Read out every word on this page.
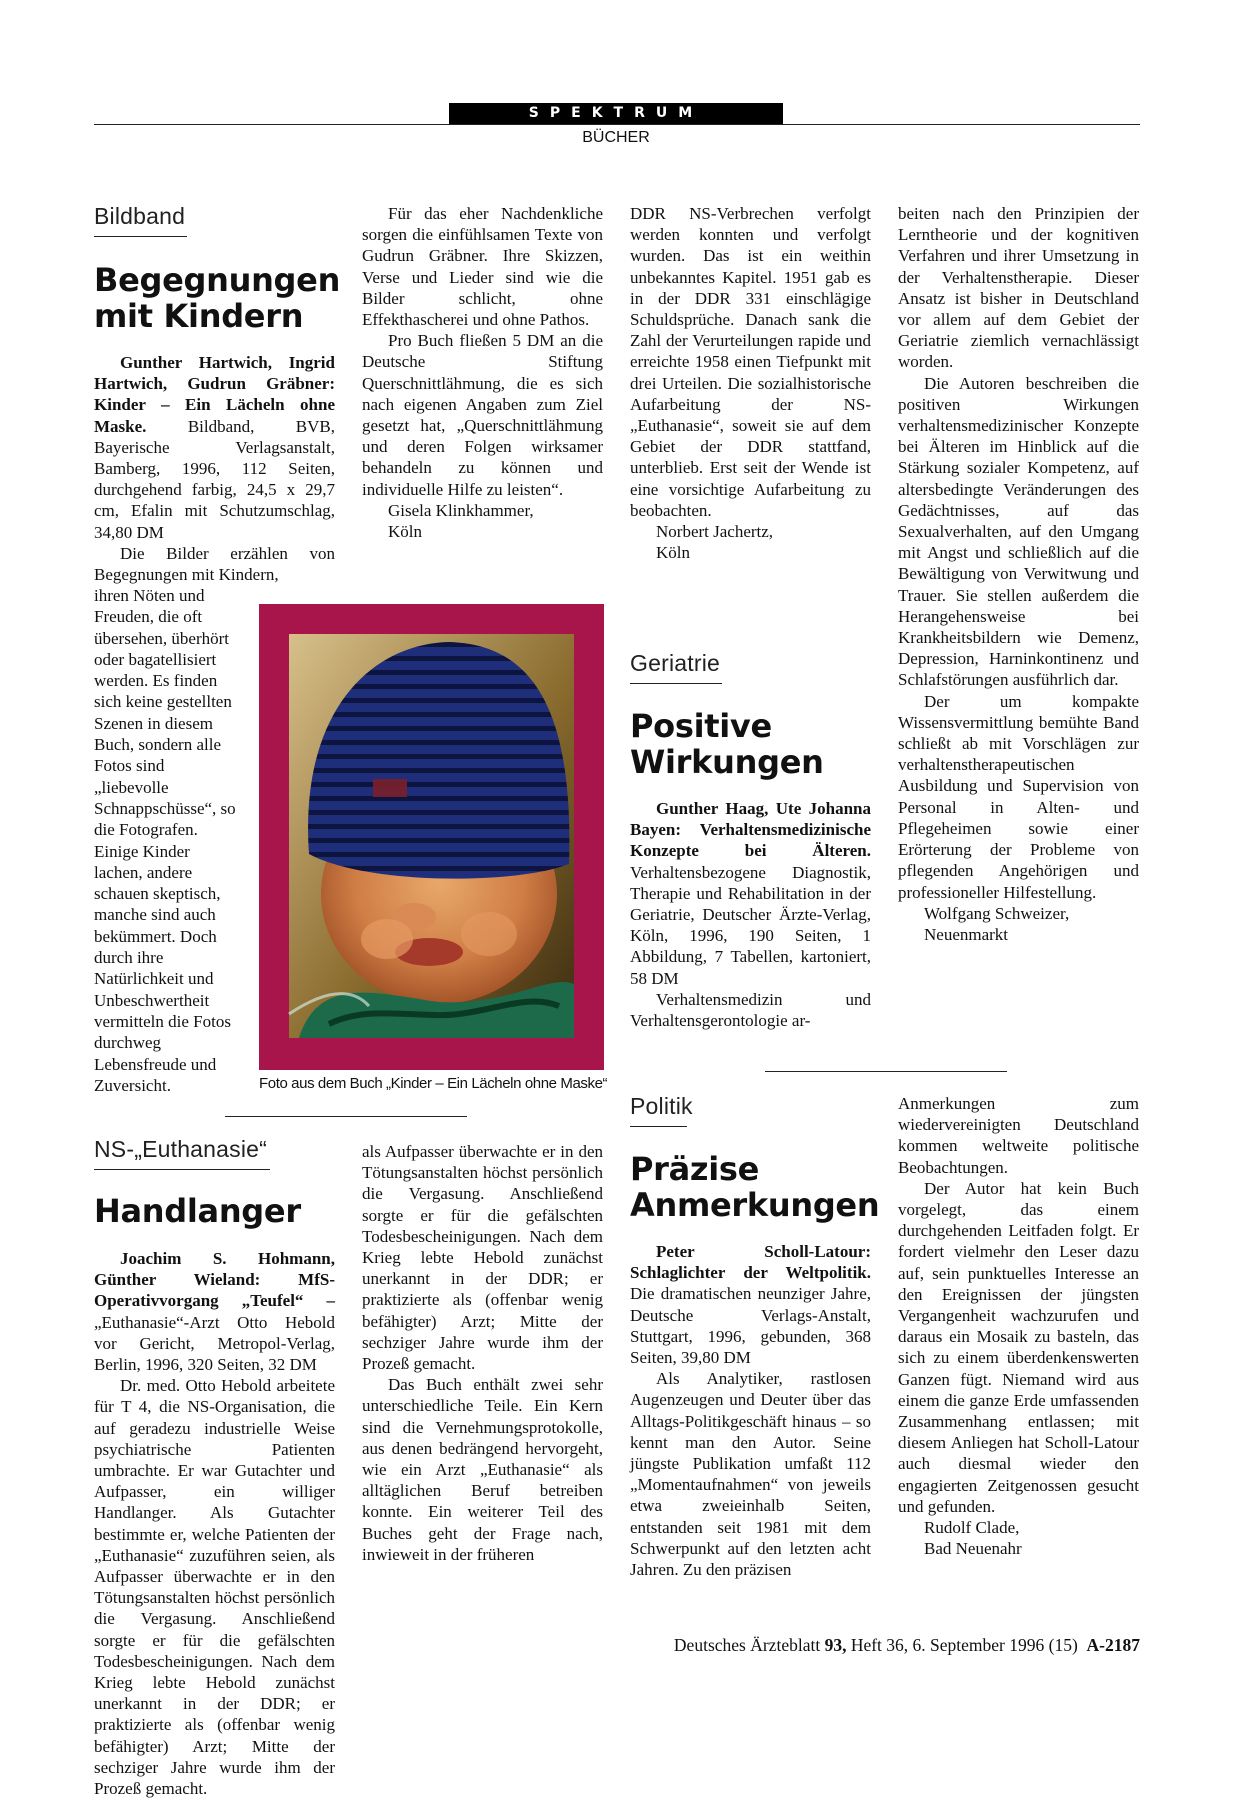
SPEKTRUM
BÜCHER
Bildband
Begegnungen mit Kindern

Gunther Hartwich, Ingrid Hartwich, Gudrun Gräbner: Kinder – Ein Lächeln ohne Maske. Bildband, BVB, Bayerische Verlagsanstalt, Bamberg, 1996, 112 Seiten, durchgehend farbig, 24,5 x 29,7 cm, Efalin mit Schutzumschlag, 34,80 DM

Die Bilder erzählen von Begegnungen mit Kindern,

ihren Nöten und Freuden, die oft übersehen, überhört oder bagatellisiert werden. Es finden sich keine gestellten Szenen in diesem Buch, sondern alle Fotos sind „liebevolle Schnappschüsse“, so die Fotografen. Einige Kinder lachen, andere schauen skeptisch, manche sind auch bekümmert. Doch durch ihre Natürlichkeit und Unbeschwertheit vermitteln die Fotos durchweg Lebensfreude und Zuversicht.

Für das eher Nachdenkliche sorgen die einfühlsamen Texte von Gudrun Gräbner. Ihre Skizzen, Verse und Lieder sind wie die Bilder schlicht, ohne Effekthascherei und ohne Pathos.

Pro Buch fließen 5 DM an die Deutsche Stiftung Querschnittlähmung, die es sich nach eigenen Angaben zum Ziel gesetzt hat, „Querschnittlähmung und deren Folgen wirksamer behandeln zu können und individuelle Hilfe zu leisten“.

Gisela Klinkhammer,

Köln

Foto aus dem Buch „Kinder – Ein Lächeln ohne Maske“
NS-„Euthanasie“
Handlanger

Joachim S. Hohmann, Günther Wieland: MfS-Operativvorgang „Teufel“ – „Euthanasie“-Arzt Otto Hebold vor Gericht, Metropol-Verlag, Berlin, 1996, 320 Seiten, 32 DM

Dr. med. Otto Hebold arbeitete für T 4, die NS-Organisation, die auf geradezu industrielle Weise psychiatrische Patienten umbrachte. Er war Gutachter und Aufpasser, ein williger Handlanger. Als Gutachter bestimmte er, welche Patienten der „Euthanasie“ zuzuführen seien, als Aufpasser überwachte er in den Tötungsanstalten höchst persönlich die Vergasung. Anschließend sorgte er für die gefälschten Todesbescheinigungen. Nach dem Krieg lebte Hebold zunächst unerkannt in der DDR; er praktizierte als (offenbar wenig befähigter) Arzt; Mitte der sechziger Jahre wurde ihm der Prozeß gemacht.

als Aufpasser überwachte er in den Tötungsanstalten höchst persönlich die Vergasung. Anschließend sorgte er für die gefälschten Todesbescheinigungen. Nach dem Krieg lebte Hebold zunächst unerkannt in der DDR; er praktizierte als (offenbar wenig befähigter) Arzt; Mitte der sechziger Jahre wurde ihm der Prozeß gemacht.

Das Buch enthält zwei sehr unterschiedliche Teile. Ein Kern sind die Vernehmungsprotokolle, aus denen bedrängend hervorgeht, wie ein Arzt „Euthanasie“ als alltäglichen Beruf betreiben konnte. Ein weiterer Teil des Buches geht der Frage nach, inwieweit in der früheren

DDR NS-Verbrechen verfolgt werden konnten und verfolgt wurden. Das ist ein weithin unbekanntes Kapitel. 1951 gab es in der DDR 331 einschlägige Schuldsprüche. Danach sank die Zahl der Verurteilungen rapide und erreichte 1958 einen Tiefpunkt mit drei Urteilen. Die sozialhistorische Aufarbeitung der NS-„Euthanasie“, soweit sie auf dem Gebiet der DDR stattfand, unterblieb. Erst seit der Wende ist eine vorsichtige Aufarbeitung zu beobachten.

Norbert Jachertz,

Köln

Geriatrie
Positive Wirkungen

Gunther Haag, Ute Johanna Bayen: Verhaltensmedizinische Konzepte bei Älteren. Verhaltensbezogene Diagnostik, Therapie und Rehabilitation in der Geriatrie, Deutscher Ärzte-Verlag, Köln, 1996, 190 Seiten, 1 Abbildung, 7 Tabellen, kartoniert, 58 DM

Verhaltensmedizin und Verhaltensgerontologie ar-

beiten nach den Prinzipien der Lerntheorie und der kognitiven Verfahren und ihrer Umsetzung in der Verhaltenstherapie. Dieser Ansatz ist bisher in Deutschland vor allem auf dem Gebiet der Geriatrie ziemlich vernachlässigt worden.

Die Autoren beschreiben die positiven Wirkungen verhaltensmedizinischer Konzepte bei Älteren im Hinblick auf die Stärkung sozialer Kompetenz, auf altersbedingte Veränderungen des Gedächtnisses, auf das Sexualverhalten, auf den Umgang mit Angst und schließlich auf die Bewältigung von Verwitwung und Trauer. Sie stellen außerdem die Herangehensweise bei Krankheitsbildern wie Demenz, Depression, Harninkontinenz und Schlafstörungen ausführlich dar.

Der um kompakte Wissensvermittlung bemühte Band schließt ab mit Vorschlägen zur verhaltenstherapeutischen Ausbildung und Supervision von Personal in Alten- und Pflegeheimen sowie einer Erörterung der Probleme von pflegenden Angehörigen und professioneller Hilfestellung.

Wolfgang Schweizer,

Neuenmarkt

Politik
Präzise Anmerkungen

Peter Scholl-Latour: Schlaglichter der Weltpolitik. Die dramatischen neunziger Jahre, Deutsche Verlags-Anstalt, Stuttgart, 1996, gebunden, 368 Seiten, 39,80 DM

Als Analytiker, rastlosen Augenzeugen und Deuter über das Alltags-Politikgeschäft hinaus – so kennt man den Autor. Seine jüngste Publikation umfaßt 112 „Momentaufnahmen“ von jeweils etwa zweieinhalb Seiten, entstanden seit 1981 mit dem Schwerpunkt auf den letzten acht Jahren. Zu den präzisen

Anmerkungen zum wiedervereinigten Deutschland kommen weltweite politische Beobachtungen.

Der Autor hat kein Buch vorgelegt, das einem durchgehenden Leitfaden folgt. Er fordert vielmehr den Leser dazu auf, sein punktuelles Interesse an den Ereignissen der jüngsten Vergangenheit wachzurufen und daraus ein Mosaik zu basteln, das sich zu einem überdenkenswerten Ganzen fügt. Niemand wird aus einem die ganze Erde umfassenden Zusammenhang entlassen; mit diesem Anliegen hat Scholl-Latour auch diesmal wieder den engagierten Zeitgenossen gesucht und gefunden.

Rudolf Clade,

Bad Neuenahr

Deutsches Ärzteblatt 93, Heft 36, 6. September 1996 (15) A-2187
